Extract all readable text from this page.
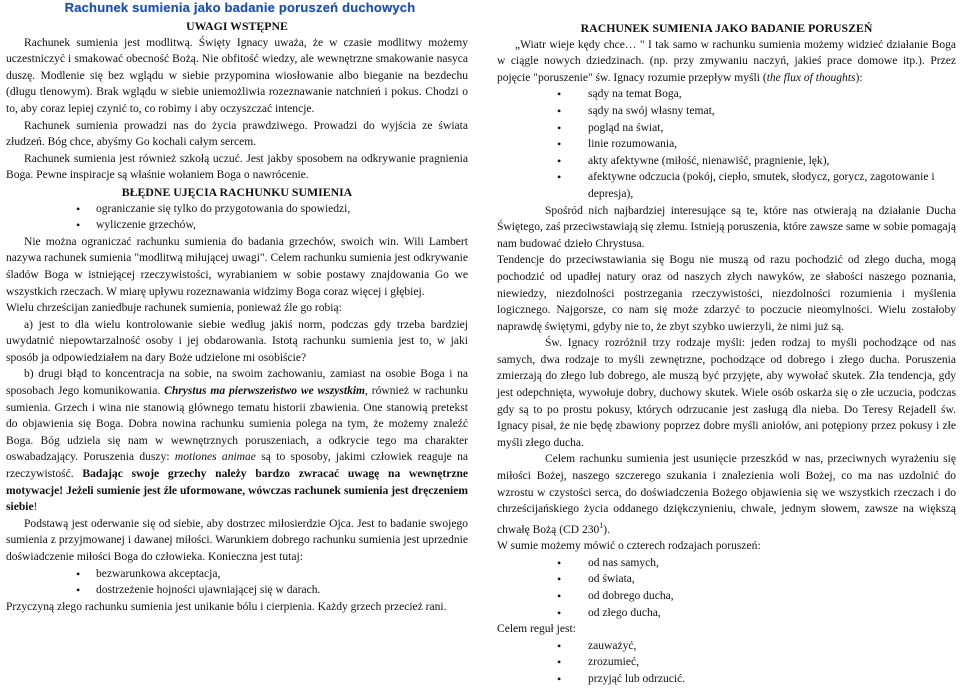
Rachunek sumienia jako badanie poruszeń duchowych

UWAGI WSTĘPNE

Rachunek sumienia jest modlitwą. Święty Ignacy uważa, że w czasie modlitwy możemy uczestniczyć i smakować obecność Bożą. Nie obfitość wiedzy, ale wewnętrzne smakowanie nasyca duszę. Modlenie się bez wglądu w siebie przypomina wiosłowanie albo bieganie na bezdechu (długu tlenowym). Brak wglądu w siebie uniemożliwia rozeznawanie natchnień i pokus. Chodzi o to, aby coraz lepiej czynić to, co robimy i aby oczyszczać intencje.

Rachunek sumienia prowadzi nas do życia prawdziwego. Prowadzi do wyjścia ze świata złudzeń. Bóg chce, abyśmy Go kochali całym sercem.

Rachunek sumienia jest również szkołą uczuć. Jest jakby sposobem na odkrywanie pragnienia Boga. Pewne inspiracje są właśnie wołaniem Boga o nawrócenie.

BŁĘDNE UJĘCIA RACHUNKU SUMIENIA

• ograniczanie się tylko do przygotowania do spowiedzi,
• wyliczenie grzechów,

Nie można ograniczać rachunku sumienia do badania grzechów, swoich win. Wili Lambert nazywa rachunek sumienia "modlitwą miłującej uwagi". Celem rachunku sumienia jest odkrywanie śladów Boga w istniejącej rzeczywistości, wyrabianiem w sobie postawy znajdowania Go we wszystkich rzeczach. W miarę upływu rozeznawania widzimy Boga coraz więcej i głębiej.

Wielu chrześcijan zaniedbuje rachunek sumienia, ponieważ źle go robią:

a) jest to dla wielu kontrolowanie siebie według jakiś norm, podczas gdy trzeba bardziej uwydatnić niepowtarzalność osoby i jej obdarowania. Istotą rachunku sumienia jest to, w jaki sposób ja odpowiedziałem na dary Boże udzielone mi osobiście?

b) drugi błąd to koncentracja na sobie, na swoim zachowaniu, zamiast na osobie Boga i na sposobach Jego komunikowania. Chrystus ma pierwszeństwo we wszystkim, również w rachunku sumienia. Grzech i wina nie stanowią głównego tematu historii zbawienia. One stanowią pretekst do objawienia się Boga. Dobra nowina rachunku sumienia polega na tym, że możemy znaleźć Boga. Bóg udziela się nam w wewnętrznych poruszeniach, a odkrycie tego ma charakter oswabadzający. Poruszenia duszy: motiones animae są to sposoby, jakimi człowiek reaguje na rzeczywistość. Badając swoje grzechy należy bardzo zwracać uwagę na wewnętrzne motywacje! Jeżeli sumienie jest źle uformowane, wówczas rachunek sumienia jest dręczeniem siebie!

Podstawą jest oderwanie się od siebie, aby dostrzec miłosierdzie Ojca. Jest to badanie swojego sumienia z przyjmowanej i dawanej miłości. Warunkiem dobrego rachunku sumienia jest uprzednie doświadczenie miłości Boga do człowieka. Konieczna jest tutaj:

• bezwarunkowa akceptacja,
• dostrzeżenie hojności ujawniającej się w darach.

Przyczyną złego rachunku sumienia jest unikanie bólu i cierpienia. Każdy grzech przecież rani.

RACHUNEK SUMIENIA JAKO BADANIE PORUSZEŃ

„Wiatr wieje kędy chce… " I tak samo w rachunku sumienia możemy widzieć działanie Boga w ciągle nowych dziedzinach. (np. przy zmywaniu naczyń, jakieś prace domowe itp.). Przez pojęcie "poruszenie" św. Ignacy rozumie przepływ myśli (the flux of thoughts):

• sądy na temat Boga,
• sądy na swój własny temat,
• pogląd na świat,
• linie rozumowania,
• akty afektywne (miłość, nienawiść, pragnienie, lęk),
• afektywne odczucia (pokój, ciepło, smutek, słodycz, gorycz, zagotowanie i depresja),

Spośród nich najbardziej interesujące są te, które nas otwierają na działanie Ducha Świętego, zaś przeciwstawiają się złemu. Istnieją poruszenia, które zawsze same w sobie pomagają nam budować dzieło Chrystusa.

Tendencje do przeciwstawiania się Bogu nie muszą od razu pochodzić od złego ducha, mogą pochodzić od upadłej natury oraz od naszych złych nawyków, ze słabości naszego poznania, niewiedzy, niezdolności postrzegania rzeczywistości, niezdolności rozumienia i myślenia logicznego. Najgorsze, co nam się może zdarzyć to poczucie nieomylności. Wielu zostałoby naprawdę świętymi, gdyby nie to, że zbyt szybko uwierzyli, że nimi już są.

Św. Ignacy rozróżnił trzy rodzaje myśli: jeden rodzaj to myśli pochodzące od nas samych, dwa rodzaje to myśli zewnętrzne, pochodzące od dobrego i złego ducha. Poruszenia zmierzają do złego lub dobrego, ale muszą być przyjęte, aby wywołać skutek. Zła tendencja, gdy jest odepchnięta, wywołuje dobry, duchowy skutek. Wiele osób oskarża się o złe uczucia, podczas gdy są to po prostu pokusy, których odrzucanie jest zasługą dla nieba. Do Teresy Rejadell św. Ignacy pisał, że nie będę zbawiony poprzez dobre myśli aniołów, ani potępiony przez pokusy i złe myśli złego ducha.

Celem rachunku sumienia jest usunięcie przeszkód w nas, przeciwnych wyrażeniu się miłości Bożej, naszego szczerego szukania i znalezienia woli Bożej, co ma nas uzdolnić do wzrostu w czystości serca, do doświadczenia Bożego objawienia się we wszystkich rzeczach i do chrześcijańskiego życia oddanego dziękczynieniu, chwale, jednym słowem, zawsze na większą chwałę Bożą (CD $230^1$).

W sumie możemy mówić o czterech rodzajach poruszeń:

• od nas samych,
• od świata,
• od dobrego ducha,
• od złego ducha,

Celem reguł jest:

• zauważyć,
• zrozumieć,
• przyjąć lub odrzucić.
